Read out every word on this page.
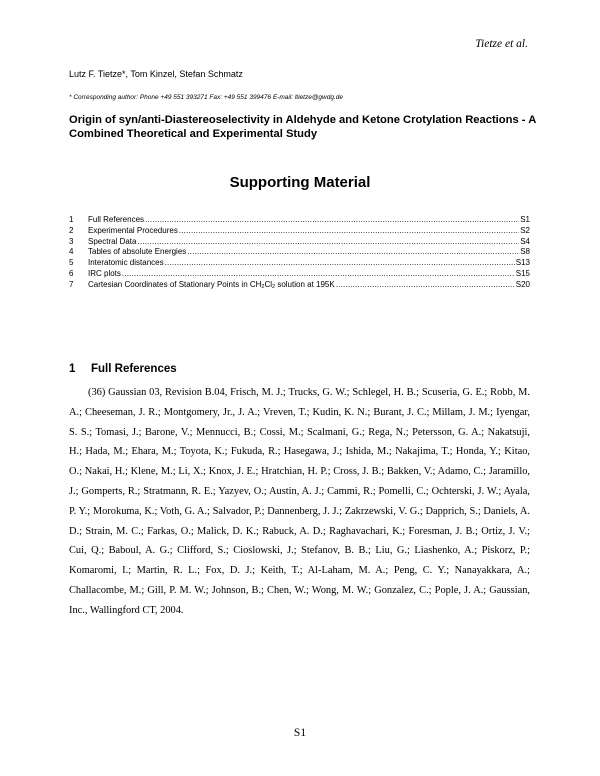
Tietze et al.
Lutz F. Tietze*, Tom Kinzel, Stefan Schmatz
* Corresponding author: Phone +49 551 393271 Fax: +49 551 399476 E-mail: ltietze@gwdg.de
Origin of syn/anti-Diastereoselectivity in Aldehyde and Ketone Crotylation Reactions - A Combined Theoretical and Experimental Study
Supporting Material
1	Full References .....	S1
2	Experimental Procedures .....	S2
3	Spectral Data .....	S4
4	Tables of absolute Energies .....	S8
5	Interatomic distances .....	S13
6	IRC plots .....	S15
7	Cartesian Coordinates of Stationary Points in $CH_2Cl_2$ solution at 195K .....	S20
1 Full References

(36) Gaussian 03, Revision B.04, Frisch, M. J.; Trucks, G. W.; Schlegel, H. B.; Scuseria, G. E.; Robb, M. A.; Cheeseman, J. R.; Montgomery, Jr., J. A.; Vreven, T.; Kudin, K. N.; Burant, J. C.; Millam, J. M.; Iyengar, S. S.; Tomasi, J.; Barone, V.; Mennucci, B.; Cossi, M.; Scalmani, G.; Rega, N.; Petersson, G. A.; Nakatsuji, H.; Hada, M.; Ehara, M.; Toyota, K.; Fukuda, R.; Hasegawa, J.; Ishida, M.; Nakajima, T.; Honda, Y.; Kitao, O.; Nakai, H.; Klene, M.; Li, X.; Knox, J. E.; Hratchian, H. P.; Cross, J. B.; Bakken, V.; Adamo, C.; Jaramillo, J.; Gomperts, R.; Stratmann, R. E.; Yazyev, O.; Austin, A. J.; Cammi, R.; Pomelli, C.; Ochterski, J. W.; Ayala, P. Y.; Morokuma, K.; Voth, G. A.; Salvador, P.; Dannenberg, J. J.; Zakrzewski, V. G.; Dapprich, S.; Daniels, A. D.; Strain, M. C.; Farkas, O.; Malick, D. K.; Rabuck, A. D.; Raghavachari, K.; Foresman, J. B.; Ortiz, J. V.; Cui, Q.; Baboul, A. G.; Clifford, S.; Cioslowski, J.; Stefanov, B. B.; Liu, G.; Liashenko, A.; Piskorz, P.; Komaromi, I.; Martin, R. L.; Fox, D. J.; Keith, T.; Al-Laham, M. A.; Peng, C. Y.; Nanayakkara, A.; Challacombe, M.; Gill, P. M. W.; Johnson, B.; Chen, W.; Wong, M. W.; Gonzalez, C.; Pople, J. A.; Gaussian, Inc., Wallingford CT, 2004.

S1
